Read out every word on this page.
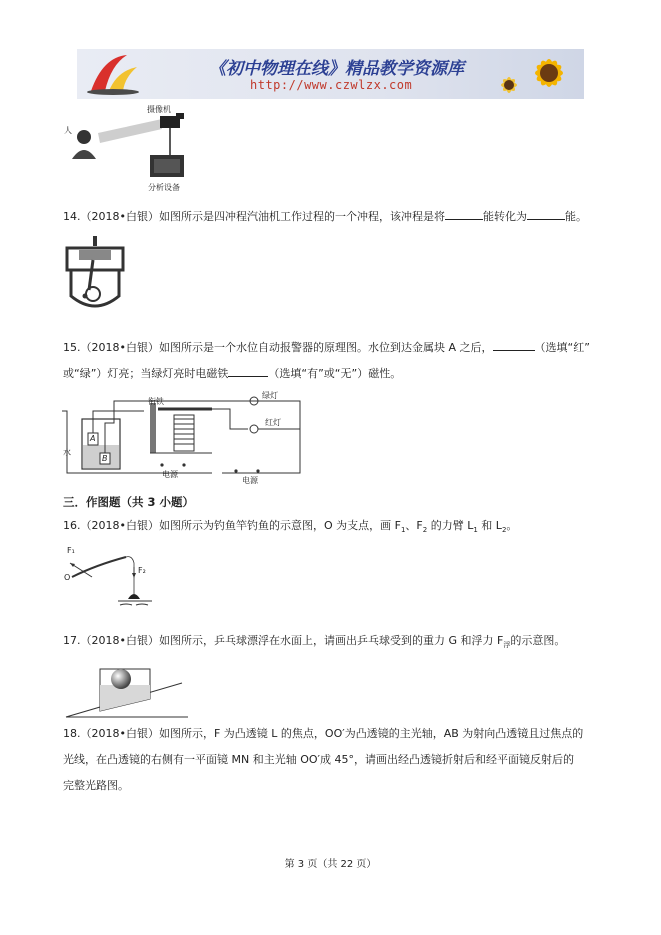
《初中物理在线》精品教学资源库
http://www.czwlzx.com
摄像机
人
分析设备
14.（2018•白银）如图所示是四冲程汽油机工作过程的一个冲程，该冲程是将	能转化为	能。
15.（2018•白银）如图所示是一个水位自动报警器的原理图。水位到达金属块 A 之后，	（选填“红”
或“绿”）灯亮；当绿灯亮时电磁铁	（选填“有”或“无”）磁性。
衔铁
绿灯
红灯
水
A
B
电源
电源
三．作图题（共 3 小题）
16.（2018•白银）如图所示为钓鱼竿钓鱼的示意图，O 为支点，画 $F_1$、$F_2$ 的力臂 $L_1$ 和 $L_2$。
F₁
O
F₂
17.（2018•白银）如图所示，乒乓球漂浮在水面上，请画出乒乓球受到的重力 G 和浮力 $F_浮$的示意图。
18.（2018•白银）如图所示，F 为凸透镜 L 的焦点，OO′为凸透镜的主光轴，AB 为射向凸透镜且过焦点的
光线，在凸透镜的右侧有一平面镜 MN 和主光轴 OO′成 45°，请画出经凸透镜折射后和经平面镜反射后的
完整光路图。
第 3 页（共 22 页）
